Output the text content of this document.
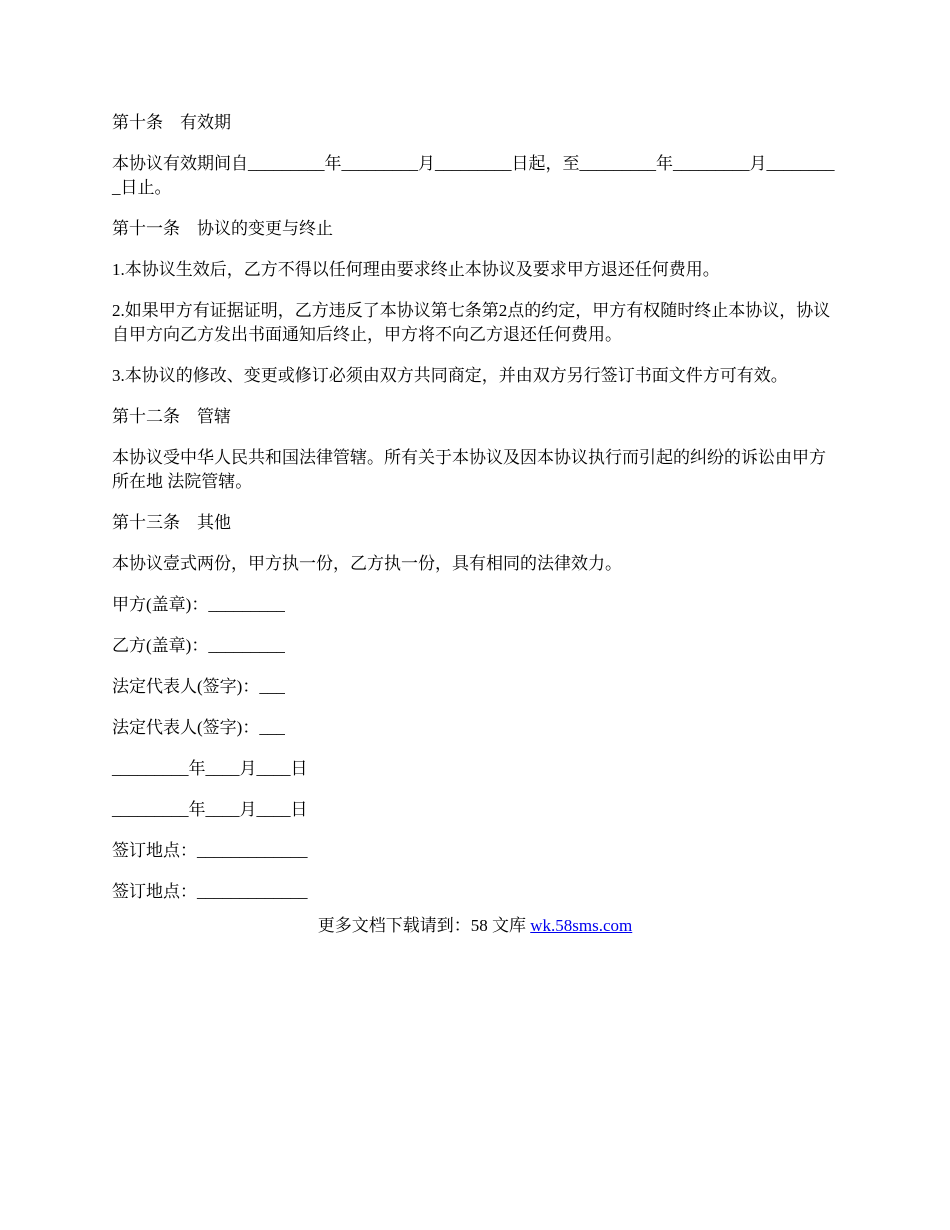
第十条　有效期

本协议有效期间自_________年_________月_________日起，至_________年_________月_________日止。

第十一条　协议的变更与终止

1.本协议生效后，乙方不得以任何理由要求终止本协议及要求甲方退还任何费用。

2.如果甲方有证据证明，乙方违反了本协议第七条第2点的约定，甲方有权随时终止本协议，协议自甲方向乙方发出书面通知后终止，甲方将不向乙方退还任何费用。

3.本协议的修改、变更或修订必须由双方共同商定，并由双方另行签订书面文件方可有效。

第十二条　管辖

本协议受中华人民共和国法律管辖。所有关于本协议及因本协议执行而引起的纠纷的诉讼由甲方所在地 法院管辖。

第十三条　其他

本协议壹式两份，甲方执一份，乙方执一份，具有相同的法律效力。

甲方(盖章)：_________

乙方(盖章)：_________

法定代表人(签字)：___

法定代表人(签字)：___

_________年____月____日

_________年____月____日

签订地点：_____________

签订地点：_____________

更多文档下载请到：58 文库 wk.58sms.com
